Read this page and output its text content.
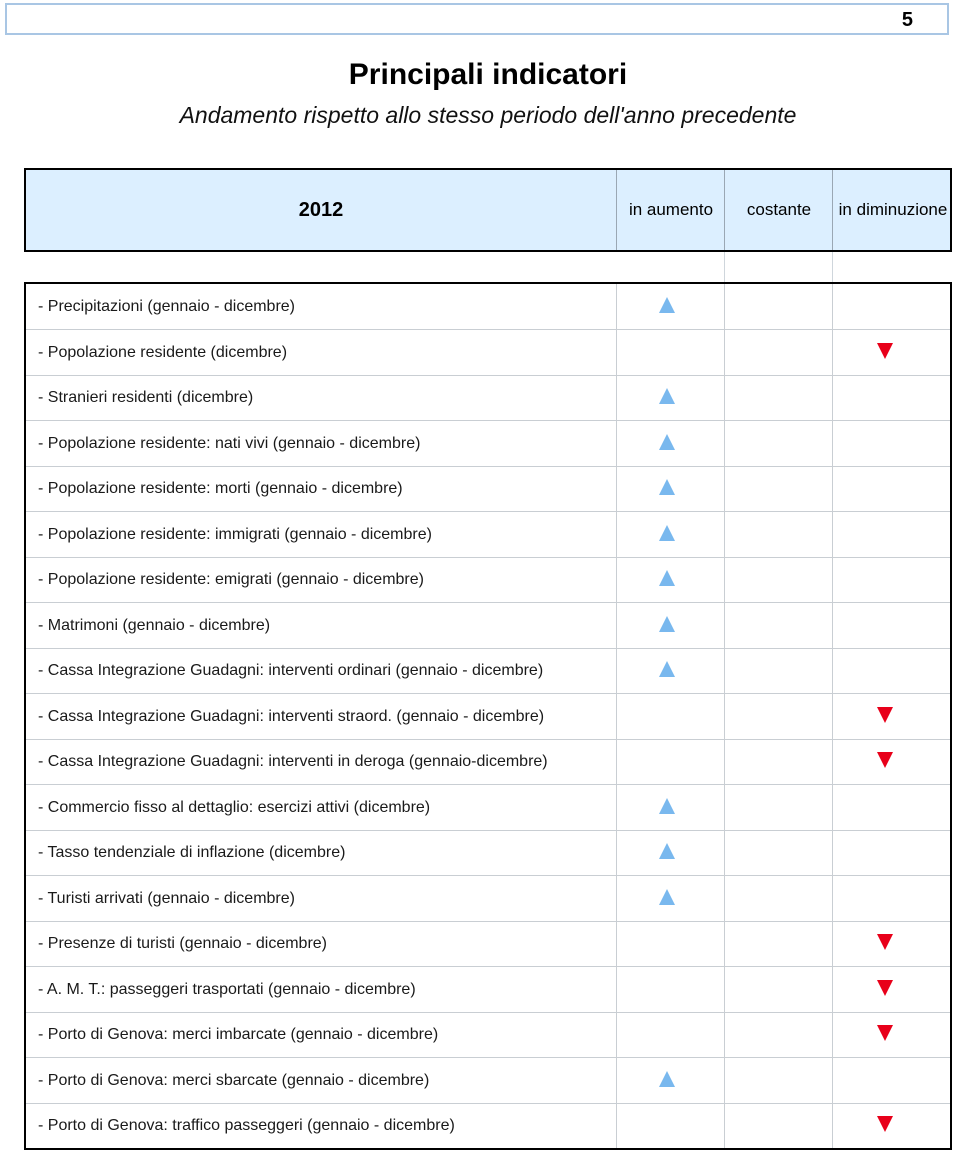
5
Principali indicatori
Andamento rispetto allo stesso periodo dell'anno precedente
2012	in aumento costante in diminuzione
- Precipitazioni (gennaio - dicembre)
- Popolazione residente (dicembre)
- Stranieri residenti (dicembre)
- Popolazione residente: nati vivi (gennaio - dicembre)
- Popolazione residente: morti (gennaio - dicembre)
- Popolazione residente: immigrati (gennaio - dicembre)
- Popolazione residente: emigrati (gennaio - dicembre)
- Matrimoni (gennaio - dicembre)
- Cassa Integrazione Guadagni: interventi ordinari (gennaio - dicembre)
- Cassa Integrazione Guadagni: interventi straord. (gennaio - dicembre)
- Cassa Integrazione Guadagni: interventi in deroga (gennaio-dicembre)
- Commercio fisso al dettaglio: esercizi attivi (dicembre)
- Tasso tendenziale di inflazione (dicembre)
- Turisti arrivati (gennaio - dicembre)
- Presenze di turisti (gennaio - dicembre)
- A. M. T.: passeggeri trasportati (gennaio - dicembre)
- Porto di Genova: merci imbarcate (gennaio - dicembre)
- Porto di Genova: merci sbarcate (gennaio - dicembre)
- Porto di Genova: traffico passeggeri (gennaio - dicembre)
